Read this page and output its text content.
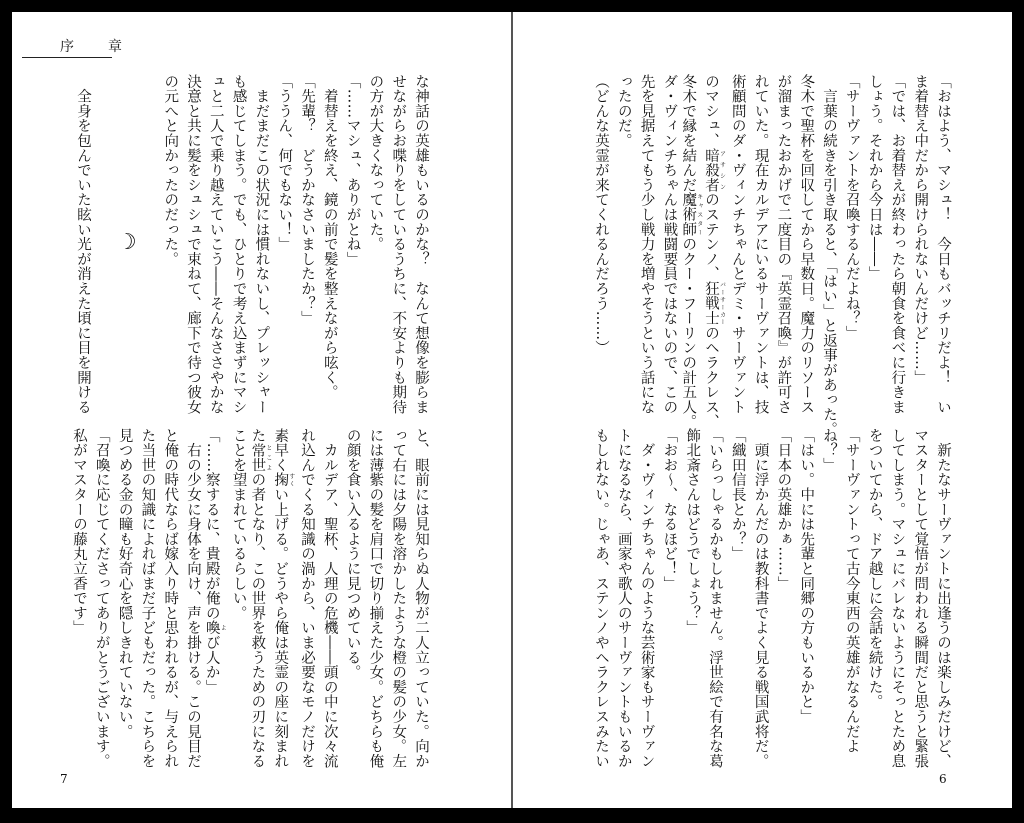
序　章
☽
7
な神話の英雄もいるのかな？　なんて想像を膨らま
せながらお喋りをしているうちに、不安よりも期待
の方が大きくなっていた。
「……マシュ、ありがとね」
　着替えを終え、鏡の前で髪を整えながら呟く。
「先輩？　どうかなさいましたか？」
「ううん、何でもない！」
　まだまだこの状況には慣れないし、プレッシャー
も感じてしまう。でも、ひとりで考え込まずにマシ
ュと二人で乗り越えていこう――そんなささやかな
決意と共に髪をシュシュで束ねて、廊下で待つ彼女
の元へと向かったのだった。
　全身を包んでいた眩い光が消えた頃に目を開ける
と、眼前には見知らぬ人物が二人立っていた。向か
って右には夕陽を溶かしたような橙の髪の少女。左
には薄紫の髪を肩口で切り揃えた少女。どちらも俺
の顔を食い入るように見つめている。
　カルデア、聖杯、人理の危機――頭の中に次々流
れ込んでくる知識の渦から、いま必要なモノだけを
素早く掬 すくい上げる。どうやら俺は英霊の座に刻まれ
た常世 とこよの者となり、この世界を救うための刃になる
ことを望まれているらしい。
「……察するに、貴殿が俺の喚 よび人か」
　右の少女に身体を向け、声を掛ける。この見目だ
と俺の時代ならば嫁入り時と思われるが、与えられ
た当世の知識によればまだ子どもだった。こちらを
見つめる金の瞳も好奇心を隠しきれていない。
「召喚に応じてくださってありがとうございます。
私がマスターの藤丸立香です」
6
「おはよう、マシュ！　今日もバッチリだよ！　い
ま着替え中だから開けられないんだけど……」
「では、お着替えが終わったら朝食を食べに行きま
しょう。それから今日は――」
「サーヴァントを召喚するんだよね？」
　言葉の続きを引き取ると、「はい」と返事があった。
冬木で聖杯を回収してから早数日。魔力のリソース
が溜まったおかげで二度目の『英霊召喚』が許可さ
れていた。現在カルデアにいるサーヴァントは、技
術顧問のダ・ヴィンチちゃんとデミ・サーヴァント
のマシュ、暗殺者 アサシンのステンノ、狂戦士 バーサーカーのヘラクレス、
冬木で縁を結んだ魔術師 キャスターのクー・フーリンの計五人。
ダ・ヴィンチちゃんは戦闘要員ではないので、この
先を見据えてもう少し戦力を増やそうという話にな
ったのだ。
（どんな英霊が来てくれるんだろう……）
　新たなサーヴァントに出逢うのは楽しみだけど、
マスターとして覚悟が問われる瞬間だと思うと緊張
してしまう。マシュにバレないようにそっとため息
をついてから、ドア越しに会話を続けた。
「サーヴァントって古今東西の英雄がなるんだよ
ね？」
「はい。中には先輩と同郷の方もいるかと」
「日本の英雄かぁ……」
　頭に浮かんだのは教科書でよく見る戦国武将だ。
「織田信長とか？」
「いらっしゃるかもしれません。浮世絵で有名な葛
飾北斎さんはどうでしょう？」
「おお～、なるほど！」
　ダ・ヴィンチちゃんのような芸術家もサーヴァン
トになるなら、画家や歌人のサーヴァントもいるか
もしれない。じゃあ、ステンノやヘラクレスみたい
